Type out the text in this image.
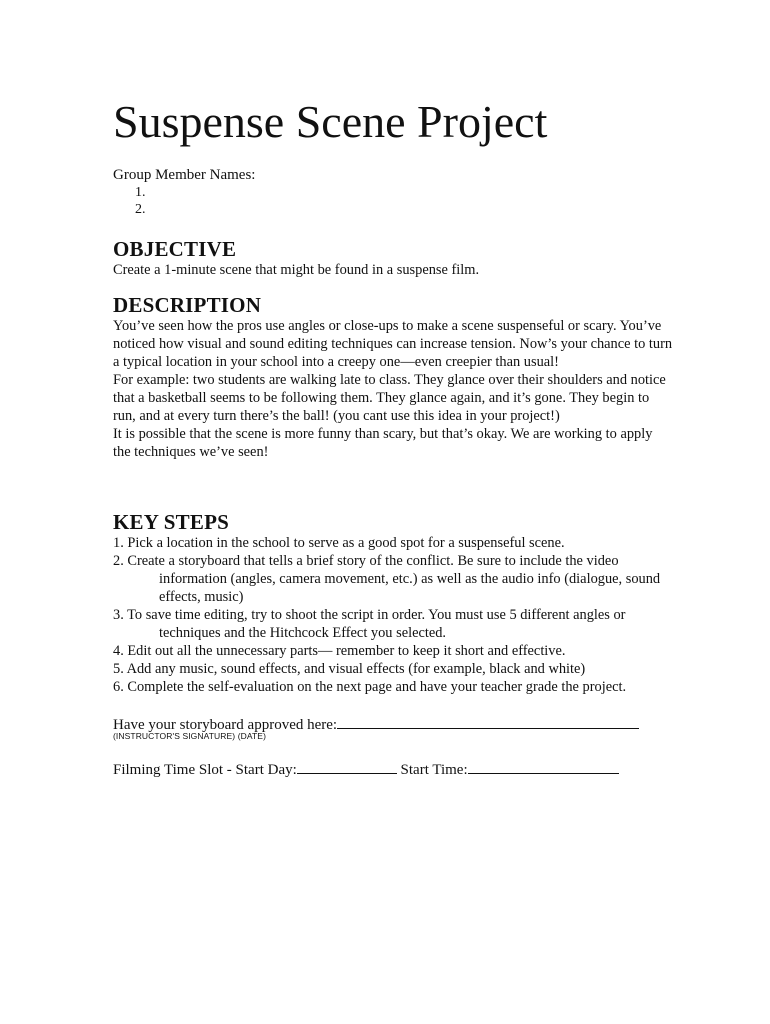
Suspense Scene Project
Group Member Names:
1.
2.
OBJECTIVE
Create a 1-minute scene that might be found in a suspense film.
DESCRIPTION

You’ve seen how the pros use angles or close-ups to make a scene suspenseful or scary. You’ve noticed how visual and sound editing techniques can increase tension. Now’s your chance to turn a typical location in your school into a creepy one—even creepier than usual!

For example: two students are walking late to class. They glance over their shoulders and notice that a basketball seems to be following them. They glance again, and it’s gone. They begin to run, and at every turn there’s the ball! (you cant use this idea in your project!)

It is possible that the scene is more funny than scary, but that’s okay. We are working to apply the techniques we’ve seen!

KEY STEPS
1. Pick a location in the school to serve as a good spot for a suspenseful scene.
2. Create a storyboard that tells a brief story of the conflict. Be sure to include the video information (angles, camera movement, etc.) as well as the audio info (dialogue, sound effects, music)
3. To save time editing, try to shoot the script in order. You must use 5 different angles or techniques and the Hitchcock Effect you selected.
4. Edit out all the unnecessary parts— remember to keep it short and effective.
5. Add any music, sound effects, and visual effects (for example, black and white)
6. Complete the self-evaluation on the next page and have your teacher grade the project.
Have your storyboard approved here:
(INSTRUCTOR'S SIGNATURE) (DATE)
Filming Time Slot - Start Day:	Start Time:
